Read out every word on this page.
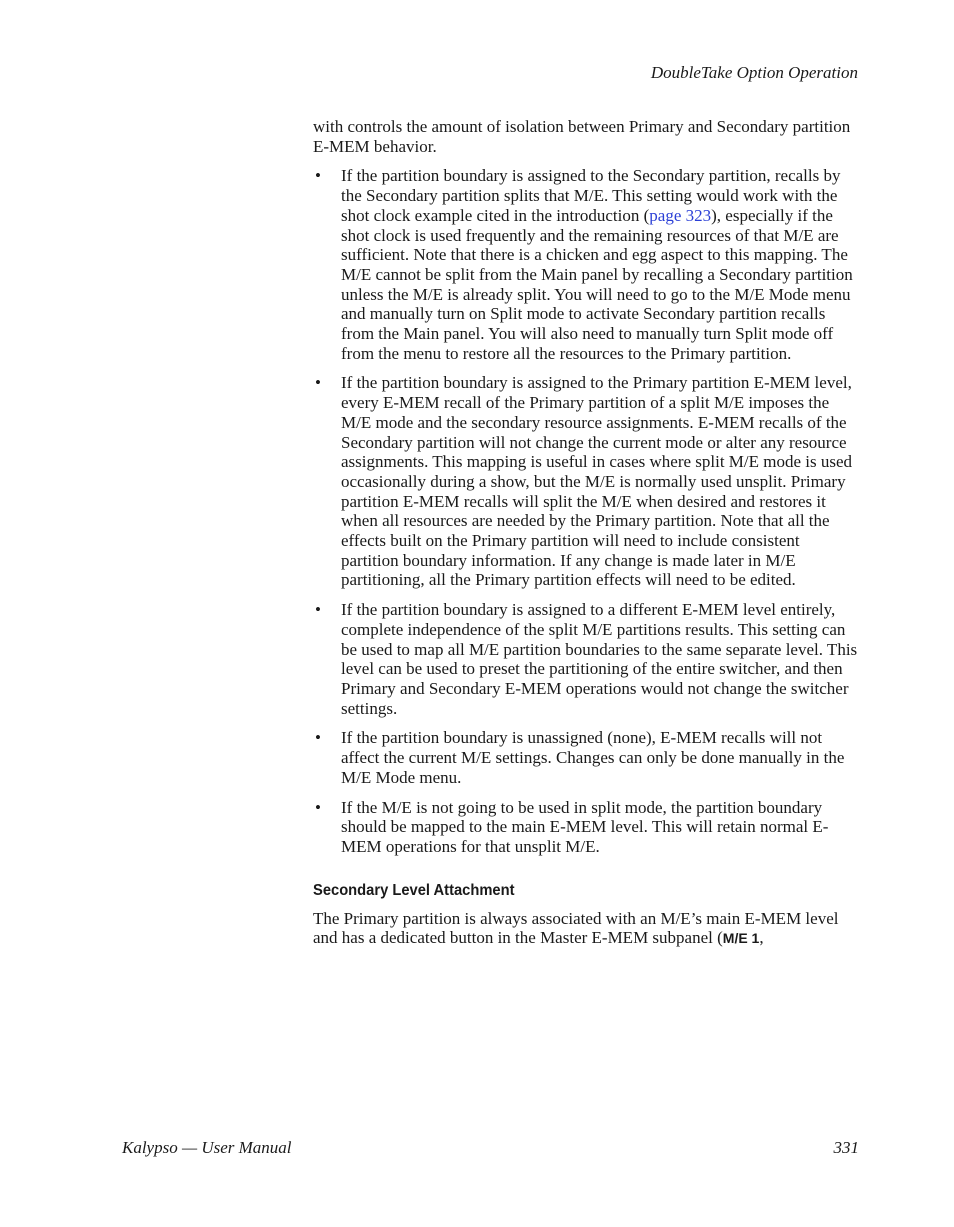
DoubleTake Option Operation

with controls the amount of isolation between Primary and Secondary partition E-MEM behavior.

• If the partition boundary is assigned to the Secondary partition, recalls by the Secondary partition splits that M/E. This setting would work with the shot clock example cited in the introduction (page 323), especially if the shot clock is used frequently and the remaining resources of that M/E are sufficient. Note that there is a chicken and egg aspect to this mapping. The M/E cannot be split from the Main panel by recalling a Secondary partition unless the M/E is already split. You will need to go to the M/E Mode menu and manually turn on Split mode to activate Secondary partition recalls from the Main panel. You will also need to manually turn Split mode off from the menu to restore all the resources to the Primary partition.
• If the partition boundary is assigned to the Primary partition E-MEM level, every E-MEM recall of the Primary partition of a split M/E imposes the M/E mode and the secondary resource assignments. E-MEM recalls of the Secondary partition will not change the current mode or alter any resource assignments. This mapping is useful in cases where split M/E mode is used occasionally during a show, but the M/E is normally used unsplit. Primary partition E-MEM recalls will split the M/E when desired and restores it when all resources are needed by the Primary partition. Note that all the effects built on the Primary partition will need to include consistent partition boundary information. If any change is made later in M/E partitioning, all the Primary partition effects will need to be edited.
• If the partition boundary is assigned to a different E-MEM level entirely, complete independence of the split M/E partitions results. This setting can be used to map all M/E partition boundaries to the same separate level. This level can be used to preset the partitioning of the entire switcher, and then Primary and Secondary E-MEM operations would not change the switcher settings.
• If the partition boundary is unassigned (none), E-MEM recalls will not affect the current M/E settings. Changes can only be done manually in the M/E Mode menu.
• If the M/E is not going to be used in split mode, the partition boundary should be mapped to the main E-MEM level. This will retain normal E-MEM operations for that unsplit M/E.
Secondary Level Attachment

The Primary partition is always associated with an M/E’s main E-MEM level and has a dedicated button in the Master E-MEM subpanel (M/E 1,

Kalypso — User Manual	331
